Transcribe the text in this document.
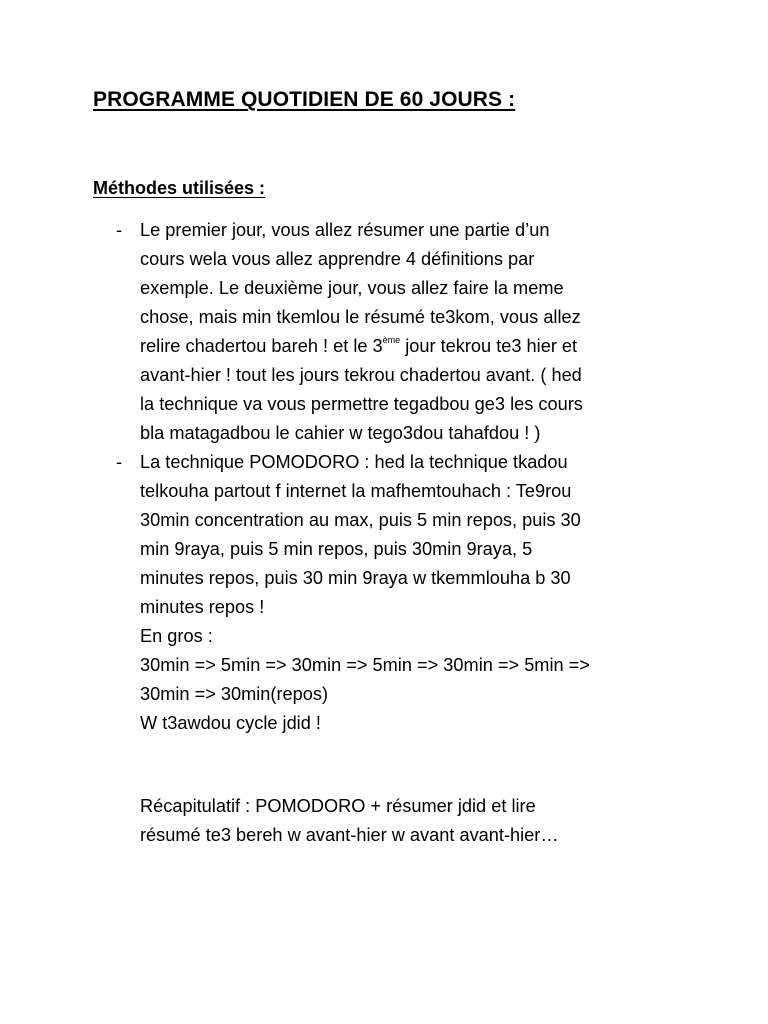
PROGRAMME QUOTIDIEN DE 60 JOURS :
Méthodes utilisées :
- Le premier jour, vous allez résumer une partie d’un
cours wela vous allez apprendre 4 définitions par
exemple. Le deuxième jour, vous allez faire la meme
chose, mais min tkemlou le résumé te3kom, vous allez
relire chadertou bareh ! et le 3ème jour tekrou te3 hier et
avant-hier ! tout les jours tekrou chadertou avant. ( hed
la technique va vous permettre tegadbou ge3 les cours
bla matagadbou le cahier w tego3dou tahafdou ! )
- La technique POMODORO : hed la technique tkadou
telkouha partout f internet la mafhemtouhach : Te9rou
30min concentration au max, puis 5 min repos, puis 30
min 9raya, puis 5 min repos, puis 30min 9raya, 5
minutes repos, puis 30 min 9raya w tkemmlouha b 30
minutes repos !
En gros :
30min => 5min => 30min => 5min => 30min => 5min =>
30min => 30min(repos)
W t3awdou cycle jdid !
Récapitulatif : POMODORO + résumer jdid et lire
résumé te3 bereh w avant-hier w avant avant-hier…
